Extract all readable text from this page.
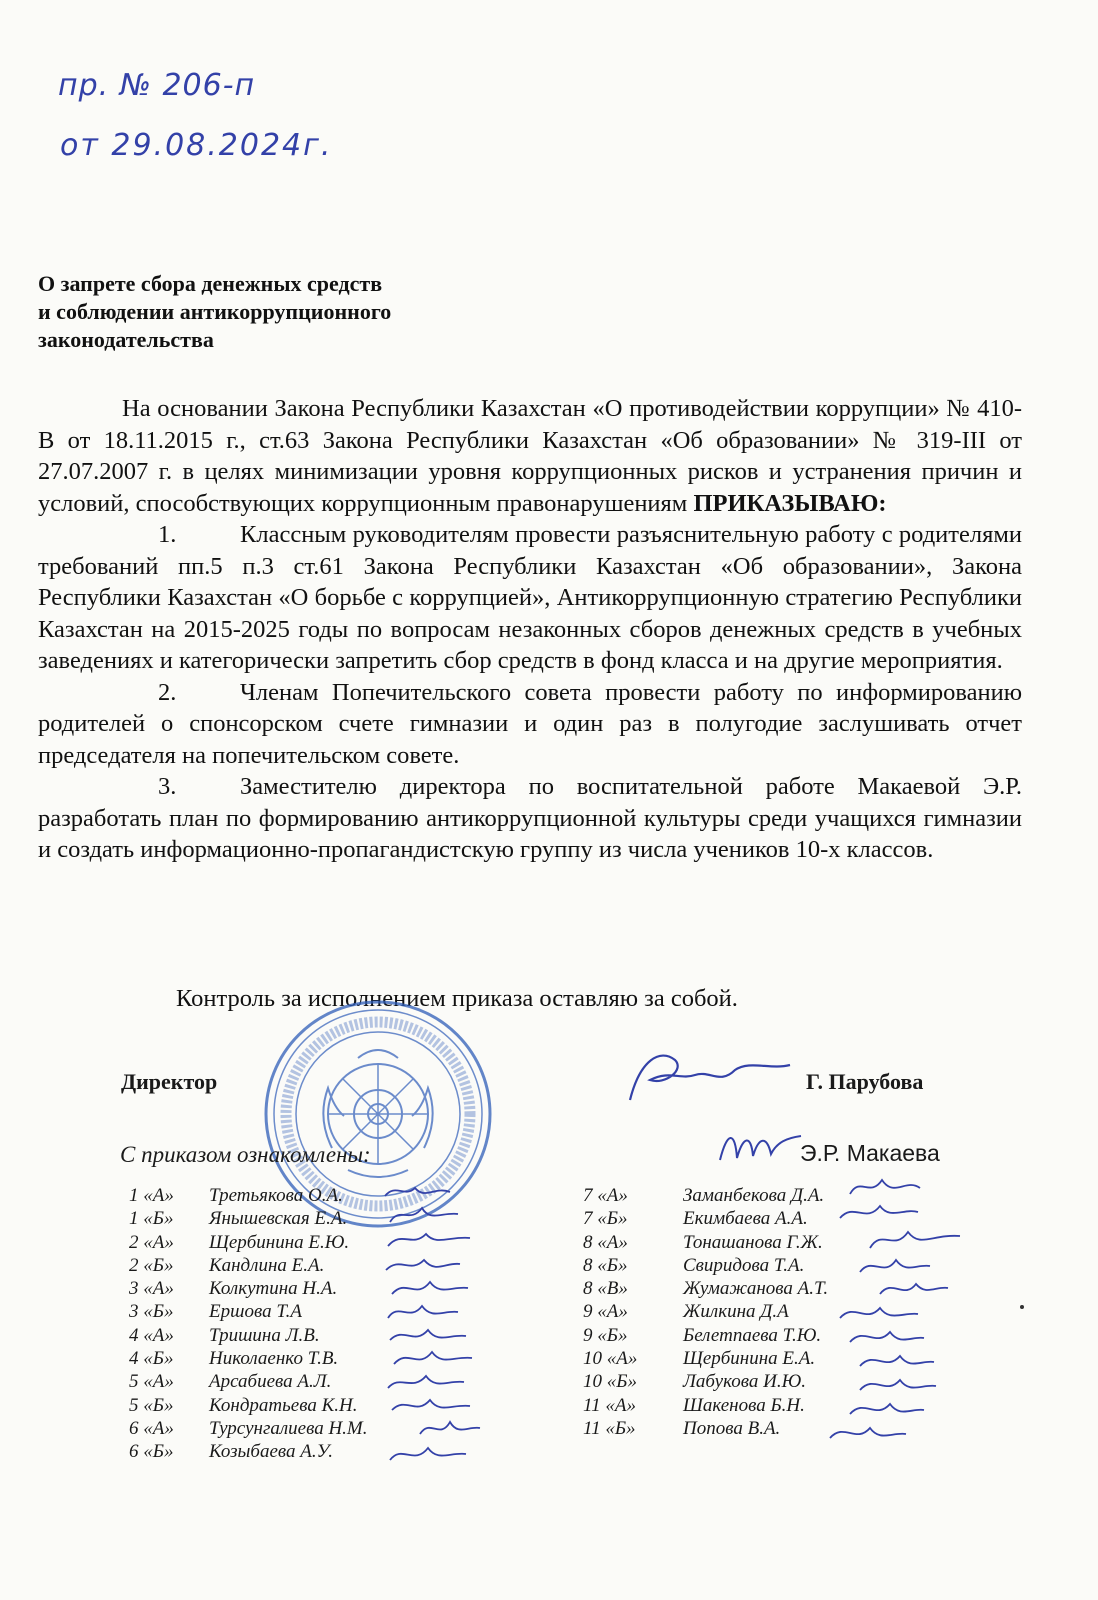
пр. № 206-п
от 29.08.2024г.
О запрете сбора денежных средств
и соблюдении антикоррупционного
законодательства

На основании Закона Республики Казахстан «О противодействии коррупции» № 410-В от 18.11.2015 г., ст.63 Закона Республики Казахстан «Об образовании» № 319-III от 27.07.2007 г. в целях минимизации уровня коррупционных рисков и устранения причин и условий, способствующих коррупционным правонарушениям ПРИКАЗЫВАЮ:

1.	Классным руководителям провести разъяснительную работу с родителями требований пп.5 п.3 ст.61 Закона Республики Казахстан «Об образовании», Закона Республики Казахстан «О борьбе с коррупцией», Антикоррупционную стратегию Республики Казахстан на 2015-2025 годы по вопросам незаконных сборов денежных средств в учебных заведениях и категорически запретить сбор средств в фонд класса и на другие мероприятия.

2.	Членам Попечительского совета провести работу по информированию родителей о спонсорском счете гимназии и один раз в полугодие заслушивать отчет председателя на попечительском совете.

3.	Заместителю директора по воспитательной работе Макаевой Э.Р. разработать план по формированию антикоррупционной культуры среди учащихся гимназии и создать информационно-пропагандистскую группу из числа учеников 10-х классов.

Контроль за исполнением приказа оставляю за собой.
Директор	Г. Парубова
Э.Р. Макаева
С приказом ознакомлены:
1 «А» Третьякова О.А.
1 «Б» Янышевская Е.А.
2 «А» Щербинина Е.Ю.
2 «Б» Кандлина Е.А.
3 «А» Колкутина Н.А.
3 «Б» Ершова Т.А
4 «А» Тришина Л.В.
4 «Б» Николаенко Т.В.
5 «А» Арсабиева А.Л.
5 «Б» Кондратьева К.Н.
6 «А» Турсунгалиева Н.М.
6 «Б» Козыбаева А.У.
7 «А»	Заманбекова Д.А.
7 «Б»	Екимбаева А.А.
8 «А»	Тонашанова Г.Ж.
8 «Б»	Свиридова Т.А.
8 «В»	Жумажанова А.Т.
9 «А»	Жилкина Д.А
9 «Б»	Белетпаева Т.Ю.
10 «А» Щербинина Е.А.
10 «Б» Лабукова И.Ю.
11 «А» Шакенова Б.Н.
11 «Б» Попова В.А.
